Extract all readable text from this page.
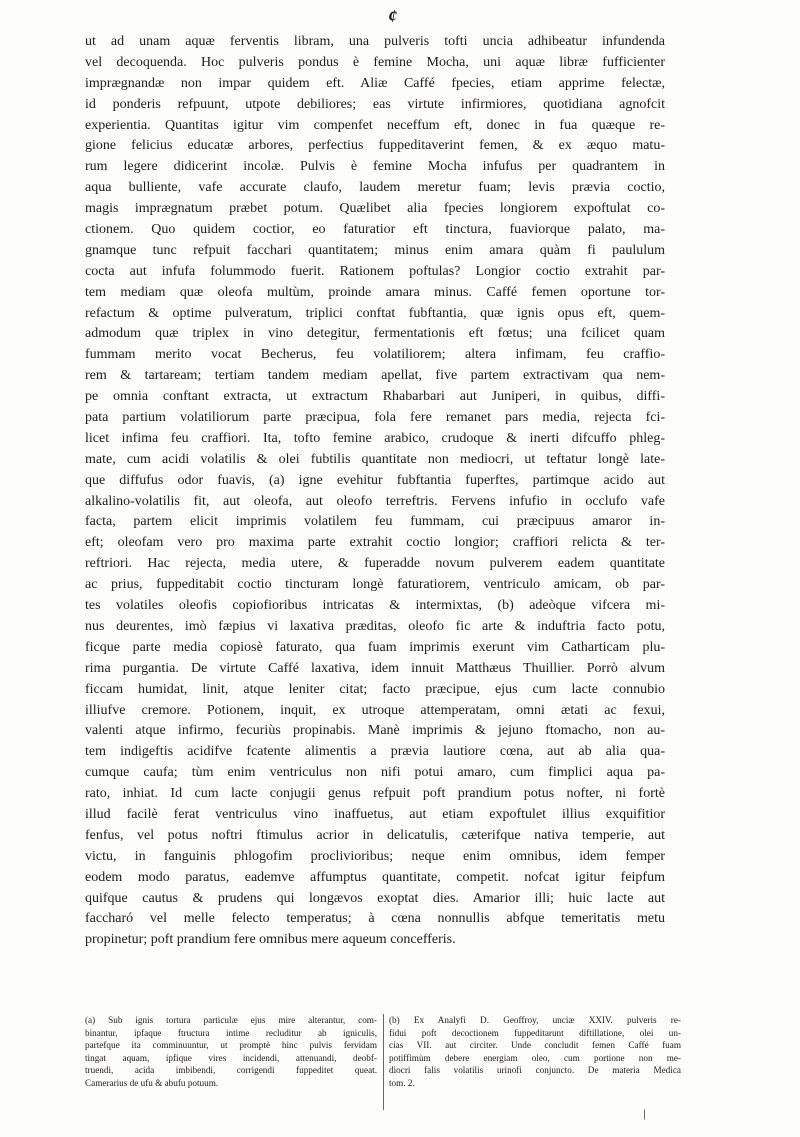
¢
ut ad unam aquæ ferventis libram, una pulveris tofti uncia adhibeatur infundenda
vel decoquenda. Hoc pulveris pondus è femine Mocha, uni aquæ libræ fufficienter
imprægnandæ non impar quidem eft. Aliæ Caffé fpecies, etiam apprime felectæ,
id ponderis refpuunt, utpote debiliores; eas virtute infirmiores, quotidiana agnofcit
experientia. Quantitas igitur vim compenfet neceffum eft, donec in fua quæque re-
gione felicius educatæ arbores, perfectius fuppeditaverint femen, & ex æquo matu-
rum legere didicerint incolæ. Pulvis è femine Mocha infufus per quadrantem in
aqua bulliente, vafe accurate claufo, laudem meretur fuam; levis prævia coctio,
magis imprægnatum præbet potum. Quælibet alia fpecies longiorem expoftulat co-
ctionem. Quo quidem coctior, eo faturatior eft tinctura, fuaviorque palato, ma-
gnamque tunc refpuit facchari quantitatem; minus enim amara quàm fi paululum
cocta aut infufa folummodo fuerit. Rationem poftulas? Longior coctio extrahit par-
tem mediam quæ oleofa multùm, proinde amara minus. Caffé femen oportune tor-
refactum & optime pulveratum, triplici conftat fubftantia, quæ ignis opus eft, quem-
admodum quæ triplex in vino detegitur, fermentationis eft fœtus; una fcilicet quam
fummam merito vocat Becherus, feu volatiliorem; altera infimam, feu craffio-
rem & tartaream; tertiam tandem mediam apellat, five partem extractivam qua nem-
pe omnia conftant extracta, ut extractum Rhabarbari aut Juniperi, in quibus, diffi-
pata partium volatiliorum parte præcipua, fola fere remanet pars media, rejecta fci-
licet infima feu craffiori. Ita, tofto femine arabico, crudoque & inerti difcuffo phleg-
mate, cum acidi volatilis & olei fubtilis quantitate non mediocri, ut teftatur longè late-
que diffufus odor fuavis, (a) igne evehitur fubftantia fuperftes, partimque acido aut
alkalino-volatilis fit, aut oleofa, aut oleofo terreftris. Fervens infufio in occlufo vafe
facta, partem elicit imprimis volatilem feu fummam, cui præcipuus amaror in-
eft; oleofam vero pro maxima parte extrahit coctio longior; craffiori relicta & ter-
reftriori. Hac rejecta, media utere, & fuperadde novum pulverem eadem quantitate
ac prius, fuppeditabit coctio tincturam longè faturatiorem, ventriculo amicam, ob par-
tes volatiles oleofis copiofioribus intricatas & intermixtas, (b) adeòque vifcera mi-
nus deurentes, imò fæpius vi laxativa præditas, oleofo fic arte & induftria facto potu,
ficque parte media copiosè faturato, qua fuam imprimis exerunt vim Catharticam plu-
rima purgantia. De virtute Caffé laxativa, idem innuit Matthæus Thuillier. Porrò alvum
ficcam humidat, linit, atque leniter citat; facto præcipue, ejus cum lacte connubio
illiufve cremore. Potionem, inquit, ex utroque attemperatam, omni ætati ac fexui,
valenti atque infirmo, fecuriùs propinabis. Manè imprimis & jejuno ftomacho, non au-
tem indigeftis acidifve fcatente alimentis a prævia lautiore cœna, aut ab alia qua-
cumque caufa; tùm enim ventriculus non nifi potui amaro, cum fimplici aqua pa-
rato, inhiat. Id cum lacte conjugii genus refpuit poft prandium potus nofter, ni fortè
illud facilè ferat ventriculus vino inaffuetus, aut etiam expoftulet illius exquifitior
fenfus, vel potus noftri ftimulus acrior in delicatulis, cæterifque nativa temperie, aut
victu, in fanguinis phlogofim proclivioribus; neque enim omnibus, idem femper
eodem modo paratus, eademve affumptus quantitate, competit. nofcat igitur feipfum
quifque cautus & prudens qui longævos exoptat dies. Amarior illi; huic lacte aut
faccharó vel melle felecto temperatus; à cœna nonnullis abfque temeritatis metu
propinetur; poft prandium fere omnibus mere aqueum concefferis.
(a) Sub ignis tortura particulæ ejus mire alterantur, com-
binantur, ipfaque ftructura intime recluditur ab igniculis,
partefque ita comminuuntur, ut promptè hinc pulvis fervidam
tingat aquam, ipfique vires incidendi, attenuandi, deobf-
truendi, acida imbibendi, corrigendi fuppeditet queat.
Camerarius de ufu & abufu potuum.
(b) Ex Analyfi D. Geoffroy, unciæ XXIV. pulveris re-
fidui poft decoctionem fuppeditarunt diftillatione, olei un-
cias VII. aut circiter. Unde concludit femen Caffé fuam
potiffimùm debere energiam oleo, cum portione non me-
diocri falis volatilis urinofi conjuncto. De materia Medica
tom. 2.
/
